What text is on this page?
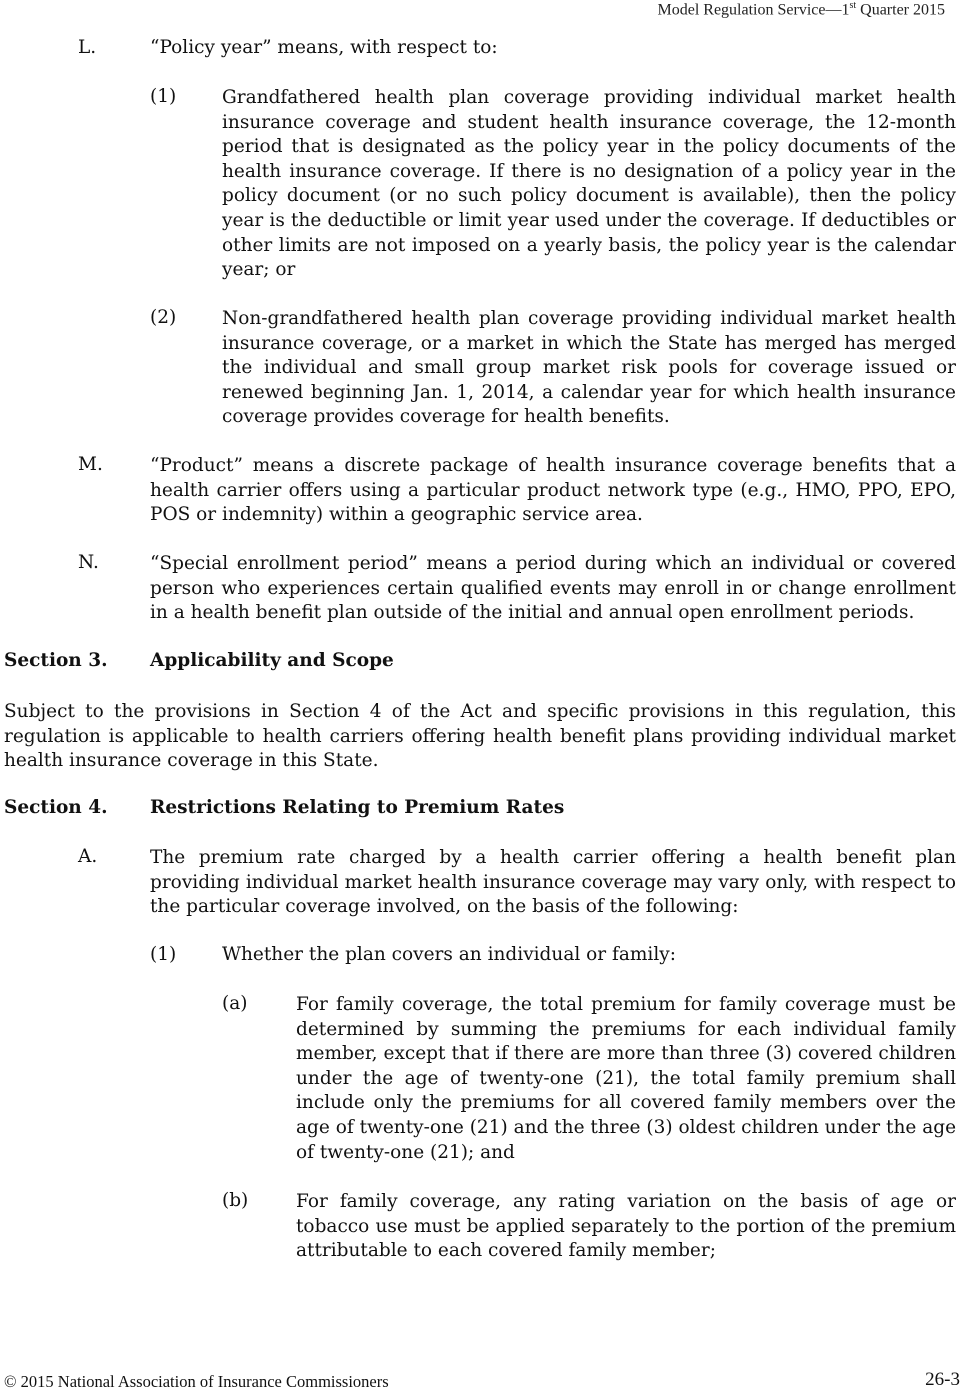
Model Regulation Service—1st Quarter 2015
L.	“Policy year” means, with respect to:
(1) Grandfathered health plan coverage providing individual market health insurance coverage and student health insurance coverage, the 12-month period that is designated as the policy year in the policy documents of the health insurance coverage. If there is no designation of a policy year in the policy document (or no such policy document is available), then the policy year is the deductible or limit year used under the coverage. If deductibles or other limits are not imposed on a yearly basis, the policy year is the calendar year; or

(2) Non-grandfathered health plan coverage providing individual market health insurance coverage, or a market in which the State has merged has merged the individual and small group market risk pools for coverage issued or renewed beginning Jan. 1, 2014, a calendar year for which health insurance coverage provides coverage for health benefits.

M.	“Product” means a discrete package of health insurance coverage benefits that a health carrier offers using a particular product network type (e.g., HMO, PPO, EPO, POS or indemnity) within a geographic service area.

N.	“Special enrollment period” means a period during which an individual or covered person who experiences certain qualified events may enroll in or change enrollment in a health benefit plan outside of the initial and annual open enrollment periods.

Section 3. Applicability and Scope

Subject to the provisions in Section 4 of the Act and specific provisions in this regulation, this regulation is applicable to health carriers offering health benefit plans providing individual market health insurance coverage in this State.

Section 4. Restrictions Relating to Premium Rates
A.	The premium rate charged by a health carrier offering a health benefit plan providing individual market health insurance coverage may vary only, with respect to the particular coverage involved, on the basis of the following:

(1) Whether the plan covers an individual or family:
(a)	For family coverage, the total premium for family coverage must be determined by summing the premiums for each individual family member, except that if there are more than three (3) covered children under the age of twenty-one (21), the total family premium shall include only the premiums for all covered family members over the age of twenty-one (21) and the three (3) oldest children under the age of twenty-one (21); and

(b)	For family coverage, any rating variation on the basis of age or tobacco use must be applied separately to the portion of the premium attributable to each covered family member;

© 2015 National Association of Insurance Commissioners	26-3
